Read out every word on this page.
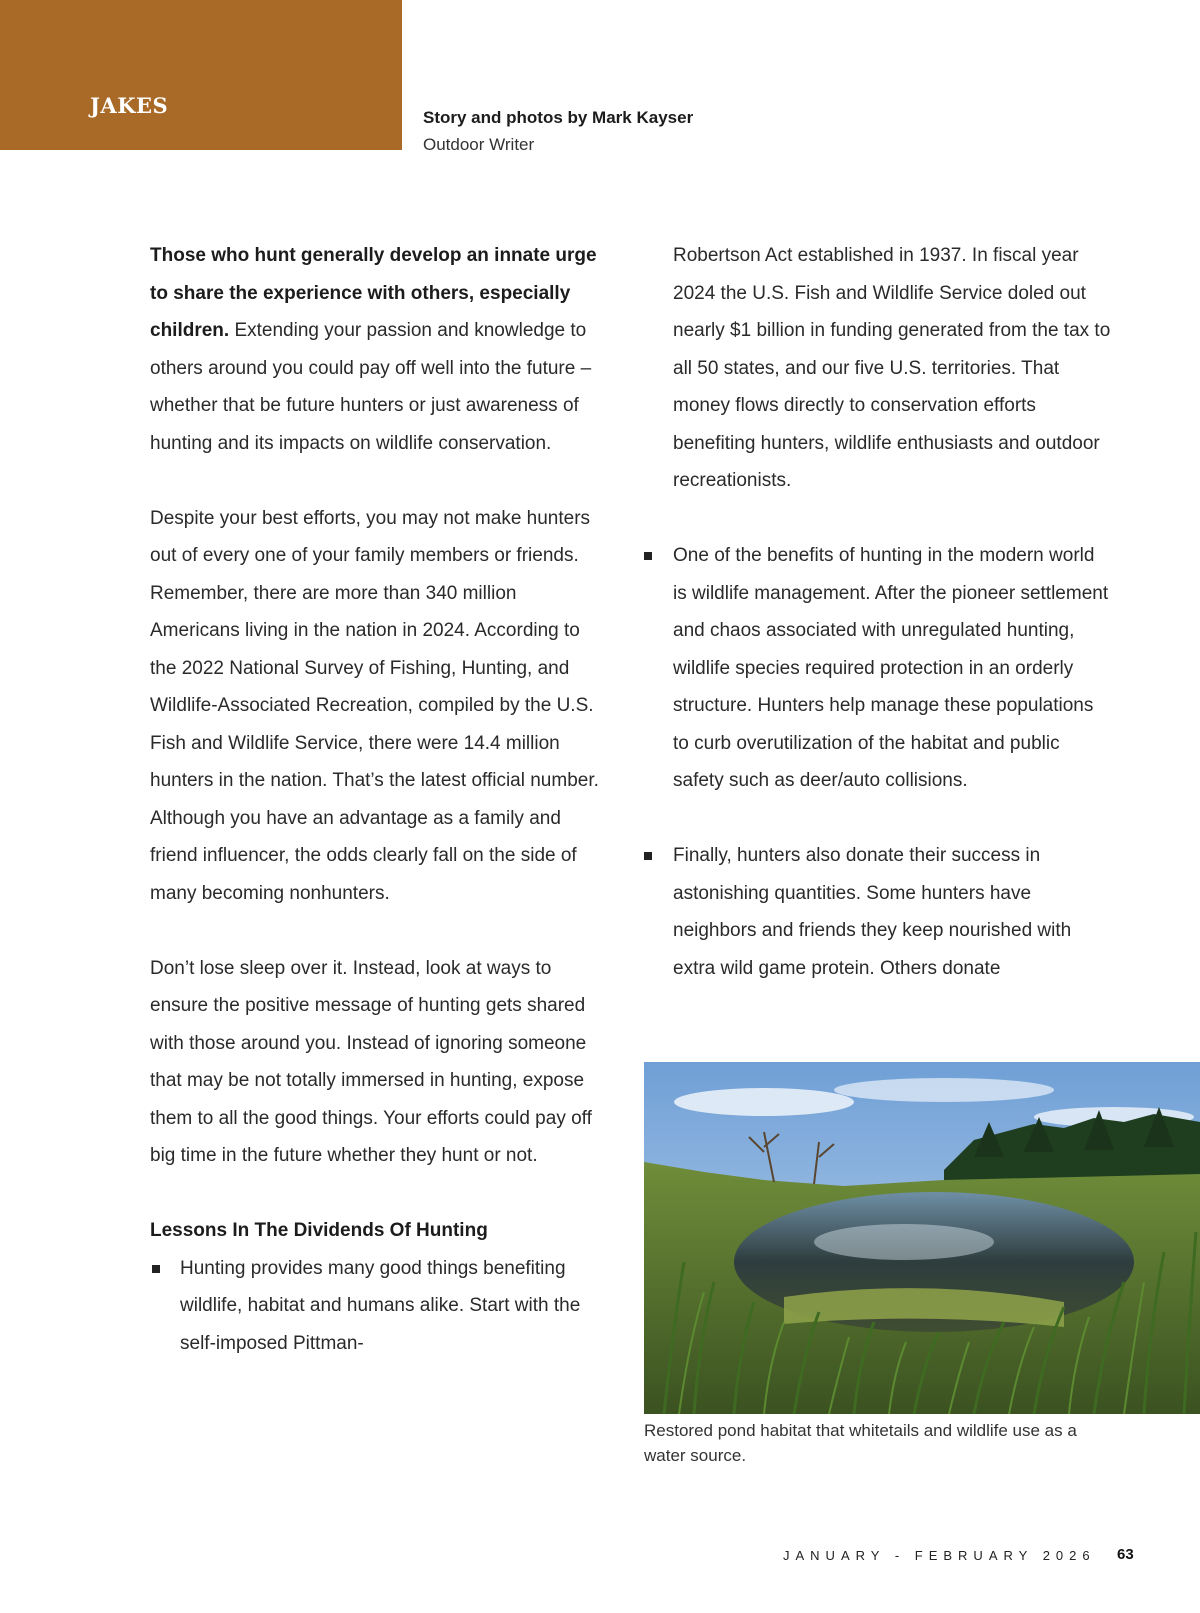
JAKES	Story and photos by Mark Kayser
Outdoor Writer

Those who hunt generally develop an innate urge to share the experience with others, especially children. Extending your passion and knowledge to others around you could pay off well into the future – whether that be future hunters or just awareness of hunting and its impacts on wildlife conservation.

Despite your best efforts, you may not make hunters out of every one of your family members or friends. Remember, there are more than 340 million Americans living in the nation in 2024. According to the 2022 National Survey of Fishing, Hunting, and Wildlife-Associated Recreation, compiled by the U.S. Fish and Wildlife Service, there were 14.4 million hunters in the nation. That’s the latest official number. Although you have an advantage as a family and friend influencer, the odds clearly fall on the side of many becoming nonhunters.

Don’t lose sleep over it. Instead, look at ways to ensure the positive message of hunting gets shared with those around you. Instead of ignoring someone that may be not totally immersed in hunting, expose them to all the good things. Your efforts could pay off big time in the future whether they hunt or not.

Lessons In The Dividends Of Hunting

Hunting provides many good things benefiting wildlife, habitat and humans alike. Start with the self-imposed Pittman-

Robertson Act established in 1937. In fiscal year 2024 the U.S. Fish and Wildlife Service doled out nearly $1 billion in funding generated from the tax to all 50 states, and our five U.S. territories. That money flows directly to conservation efforts benefiting hunters, wildlife enthusiasts and outdoor recreationists.

One of the benefits of hunting in the modern world is wildlife management. After the pioneer settlement and chaos associated with unregulated hunting, wildlife species required protection in an orderly structure. Hunters help manage these populations to curb overutilization of the habitat and public safety such as deer/auto collisions.
Finally, hunters also donate their success in astonishing quantities. Some hunters have neighbors and friends they keep nourished with extra wild game protein. Others donate
Restored pond habitat that whitetails and wildlife use as a water source.
JANUARY - FEBRUARY 2026 63
